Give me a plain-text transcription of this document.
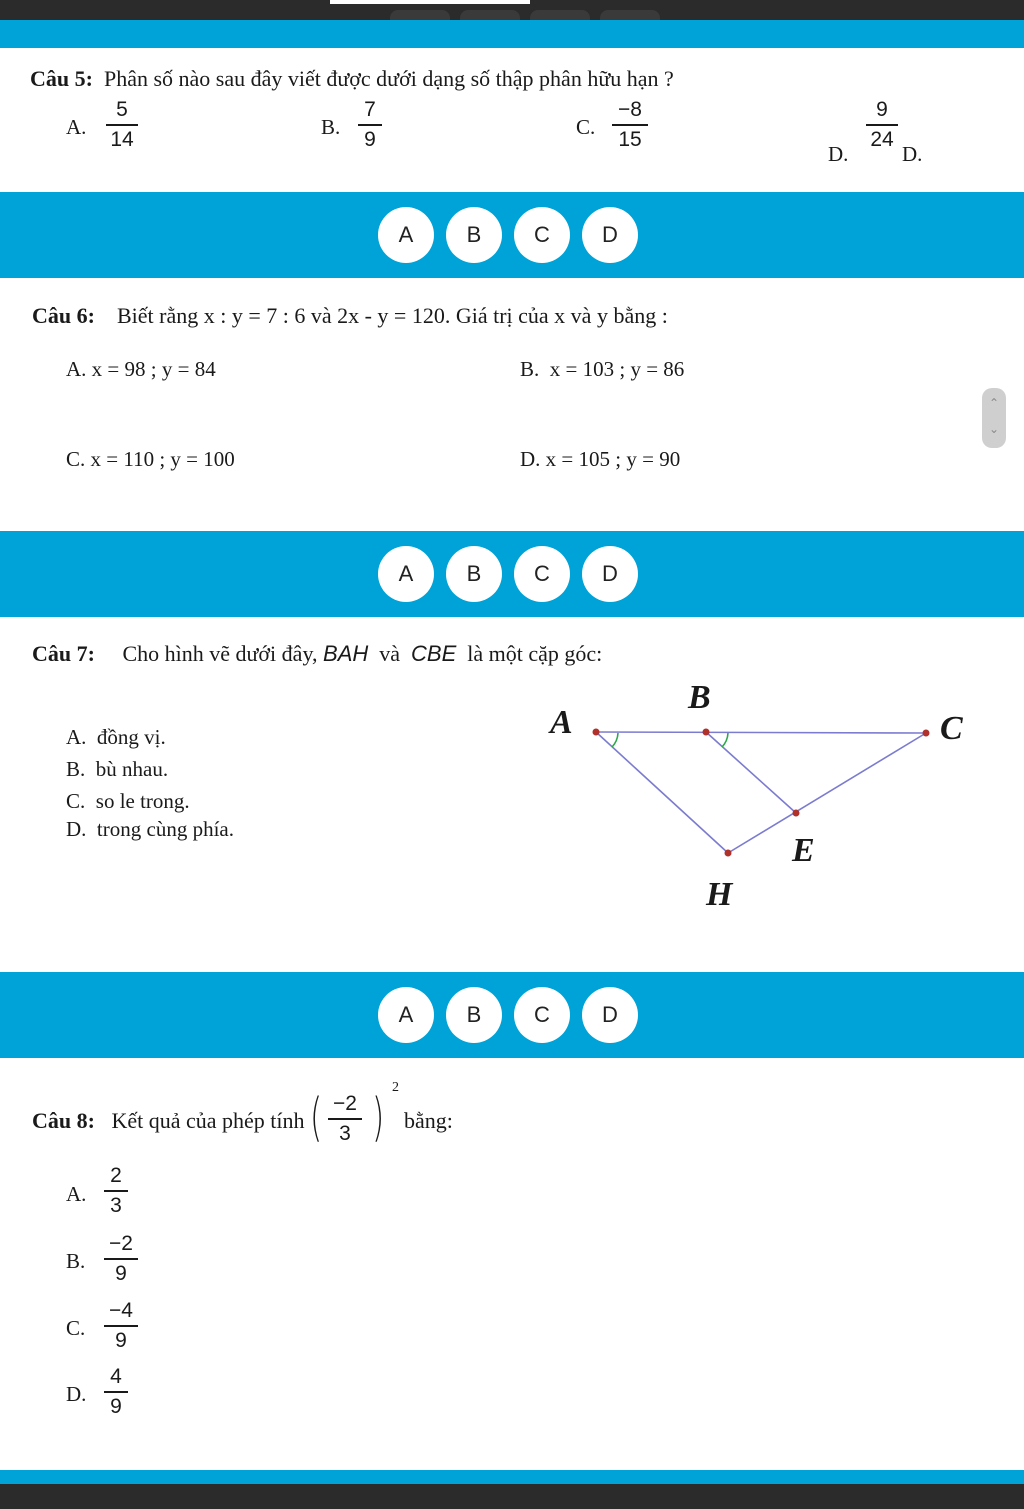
Câu 5: Phân số nào sau đây viết được dưới dạng số thập phân hữu hạn ?
A.
5
14
B.
7
9
C.
−8
15
D.
9
24
D.
A	B	C	D
Câu 6: Biết rằng x : y = 7 : 6 và 2x - y = 120. Giá trị của x và y bằng :
A. x = 98 ; y = 84	B. x = 103 ; y = 86
C. x = 110 ; y = 100	D. x = 105 ; y = 90
⌃
⌄
A	B	C	D
Câu 7: Cho hình vẽ dưới đây, BAH và CBE là một cặp góc:
A. đồng vị.
B. bù nhau.
C. so le trong.
D. trong cùng phía.
A
B
C
E
H
A	B	C	D
Câu 8: Kết quả của phép tính ( −2
3 )
2
bằng:
A.
2
3
B.
−2
9
C.
−4
9
D.
4
9
